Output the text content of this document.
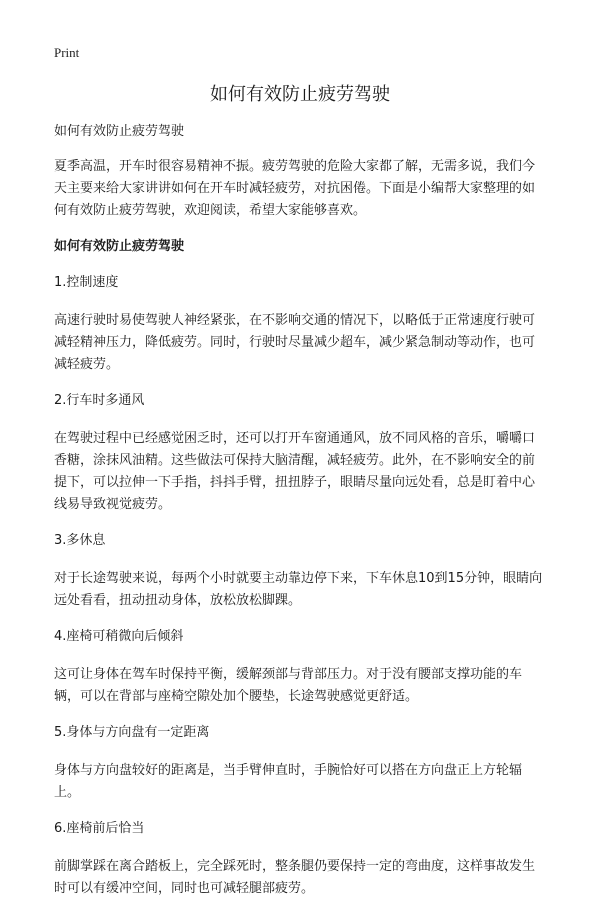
Print
如何有效防止疲劳驾驶

如何有效防止疲劳驾驶

夏季高温，开车时很容易精神不振。疲劳驾驶的危险大家都了解，无需多说，我们今天主要来给大家讲讲如何在开车时减轻疲劳，对抗困倦。下面是小编帮大家整理的如何有效防止疲劳驾驶，欢迎阅读，希望大家能够喜欢。

如何有效防止疲劳驾驶

1.控制速度

高速行驶时易使驾驶人神经紧张，在不影响交通的情况下，以略低于正常速度行驶可减轻精神压力，降低疲劳。同时，行驶时尽量减少超车，减少紧急制动等动作，也可减轻疲劳。

2.行车时多通风

在驾驶过程中已经感觉困乏时，还可以打开车窗通通风，放不同风格的音乐，嚼嚼口香糖，涂抹风油精。这些做法可保持大脑清醒，减轻疲劳。此外，在不影响安全的前提下，可以拉伸一下手指，抖抖手臂，扭扭脖子，眼睛尽量向远处看，总是盯着中心线易导致视觉疲劳。

3.多休息

对于长途驾驶来说，每两个小时就要主动靠边停下来，下车休息10到15分钟，眼睛向远处看看，扭动扭动身体，放松放松脚踝。

4.座椅可稍微向后倾斜

这可让身体在驾车时保持平衡，缓解颈部与背部压力。对于没有腰部支撑功能的车辆，可以在背部与座椅空隙处加个腰垫，长途驾驶感觉更舒适。

5.身体与方向盘有一定距离

身体与方向盘较好的距离是，当手臂伸直时，手腕恰好可以搭在方向盘正上方轮辐上。

6.座椅前后恰当

前脚掌踩在离合踏板上，完全踩死时，整条腿仍要保持一定的弯曲度，这样事故发生时可以有缓冲空间，同时也可减轻腿部疲劳。
